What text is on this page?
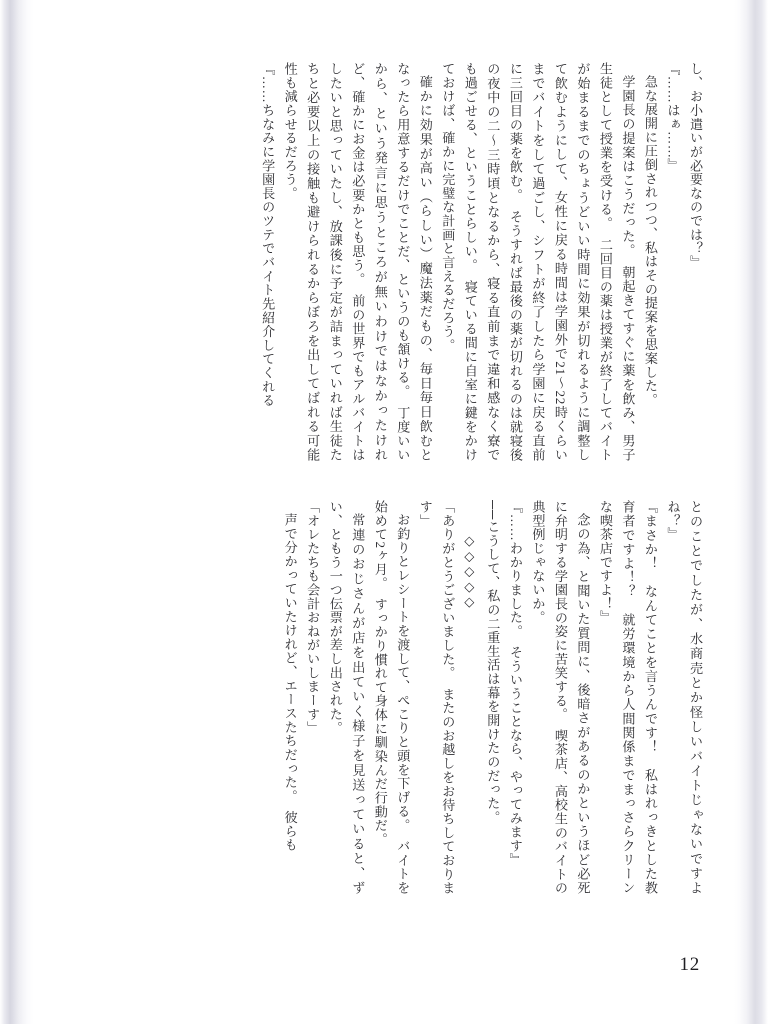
し、お小遣いが必要なのでは？』

『……はぁ……』

急な展開に圧倒されつつ、私はその提案を思案した。

学園長の提案はこうだった。　朝起きてすぐに薬を飲み、男子生徒として授業を受ける。　二回目の薬は授業が終了してバイトが始まるまでのちょうどいい時間に効果が切れるように調整して飲むようにして、女性に戻る時間は学園外で21〜22時くらいまでバイトをして過ごし、シフトが終了したら学園に戻る直前に三回目の薬を飲む。　そうすれば最後の薬が切れるのは就寝後の夜中の二〜三時頃となるから、寝る直前まで違和感なく寮でも過ごせる、ということらしい。　寝ている間に自室に鍵をかけておけば、確かに完璧な計画と言えるだろう。

確かに効果が高い（らしい）魔法薬だもの、毎日毎日飲むとなったら用意するだけでことだ、というのも頷ける。　丁度いいから、という発言に思うところが無いわけではなかったけれど、確かにお金は必要かとも思う。　前の世界でもアルバイトはしたいと思っていたし、放課後に予定が詰まっていれば生徒たちと必要以上の接触も避けられるからぼろを出してばれる可能性も減らせるだろう。

『……ちなみに学園長のツテでバイト先紹介してくれる

とのことでしたが、水商売とか怪しいバイトじゃないですよね？』

『まさか！　なんてことを言うんです！　私はれっきとした教育者ですよ！？　就労環境から人間関係までまっさらクリーンな喫茶店ですよ！』

念の為、と聞いた質問に、後暗さがあるのかというほど必死に弁明する学園長の姿に苦笑する。　喫茶店、高校生のバイトの典型例じゃないか。

『……わかりました。　そういうことなら、やってみます』

──こうして、私の二重生活は幕を開けたのだった。

◇◇◇◇◇

「ありがとうございました。　またのお越しをお待ちしております」

お釣りとレシートを渡して、ぺこりと頭を下げる。　バイトを始めて2ヶ月。　すっかり慣れて身体に馴染んだ行動だ。

常連のおじさんが店を出ていく様子を見送っていると、ずい、ともう一つ伝票が差し出された。

「オレたちも会計おねがいしまーす」

声で分かっていたけれど、エースたちだった。　彼らも

12
